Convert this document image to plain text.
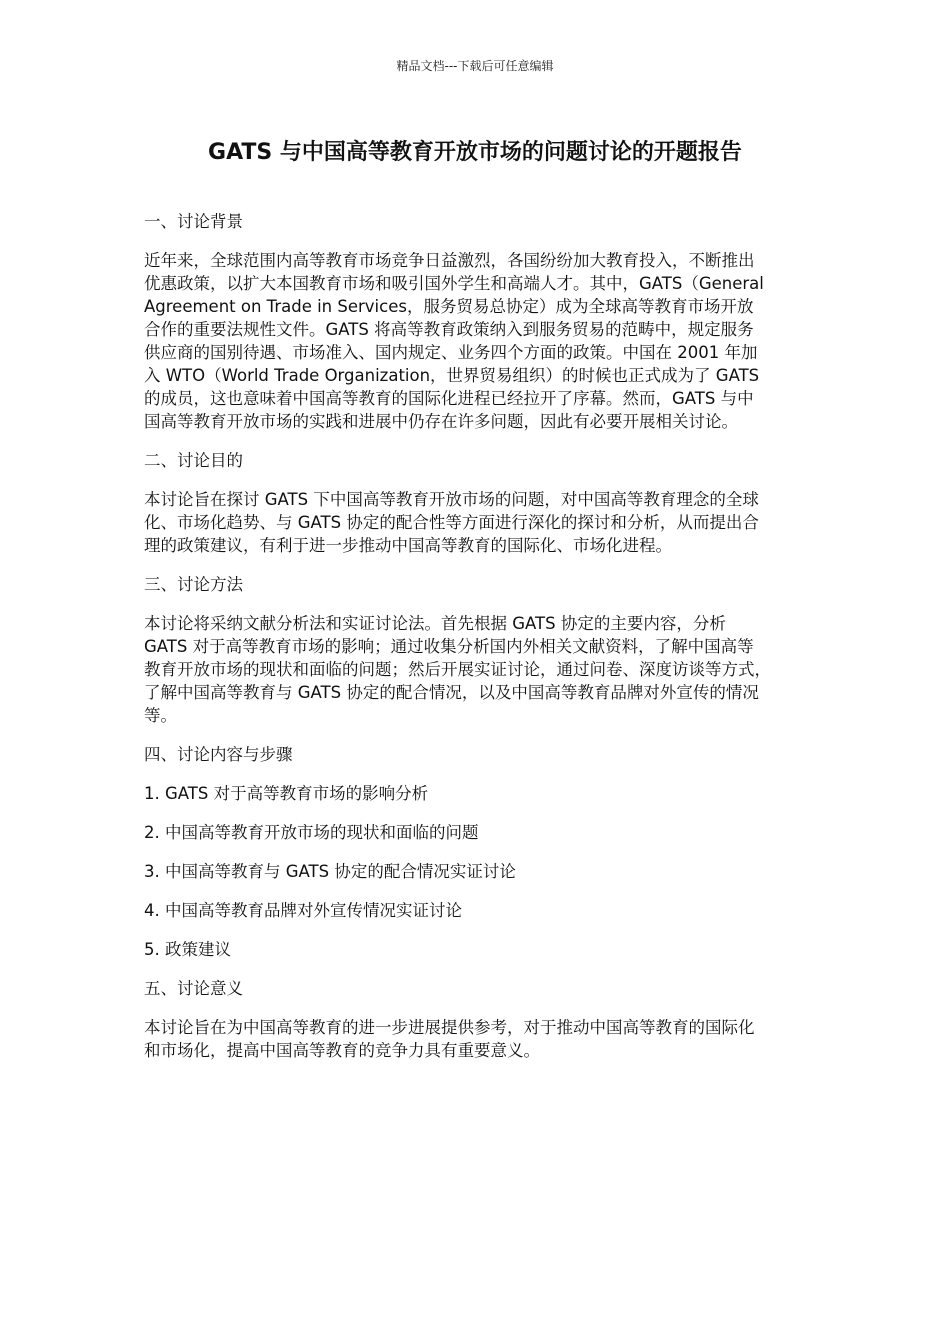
精品文档---下载后可任意编辑
GATS 与中国高等教育开放市场的问题讨论的开题报告

一、讨论背景

近年来，全球范围内高等教育市场竞争日益激烈，各国纷纷加大教育投入，不断推出
优惠政策，以扩大本国教育市场和吸引国外学生和高端人才。其中，GATS（General
Agreement on Trade in Services，服务贸易总协定）成为全球高等教育市场开放
合作的重要法规性文件。GATS 将高等教育政策纳入到服务贸易的范畴中，规定服务
供应商的国别待遇、市场准入、国内规定、业务四个方面的政策。中国在 2001 年加
入 WTO（World Trade Organization，世界贸易组织）的时候也正式成为了 GATS
的成员，这也意味着中国高等教育的国际化进程已经拉开了序幕。然而，GATS 与中
国高等教育开放市场的实践和进展中仍存在许多问题，因此有必要开展相关讨论。

二、讨论目的

本讨论旨在探讨 GATS 下中国高等教育开放市场的问题，对中国高等教育理念的全球
化、市场化趋势、与 GATS 协定的配合性等方面进行深化的探讨和分析，从而提出合
理的政策建议，有利于进一步推动中国高等教育的国际化、市场化进程。

三、讨论方法

本讨论将采纳文献分析法和实证讨论法。首先根据 GATS 协定的主要内容，分析
GATS 对于高等教育市场的影响；通过收集分析国内外相关文献资料，了解中国高等
教育开放市场的现状和面临的问题；然后开展实证讨论，通过问卷、深度访谈等方式，
了解中国高等教育与 GATS 协定的配合情况，以及中国高等教育品牌对外宣传的情况
等。

四、讨论内容与步骤

1. GATS 对于高等教育市场的影响分析

2. 中国高等教育开放市场的现状和面临的问题

3. 中国高等教育与 GATS 协定的配合情况实证讨论

4. 中国高等教育品牌对外宣传情况实证讨论

5. 政策建议

五、讨论意义

本讨论旨在为中国高等教育的进一步进展提供参考，对于推动中国高等教育的国际化
和市场化，提高中国高等教育的竞争力具有重要意义。
